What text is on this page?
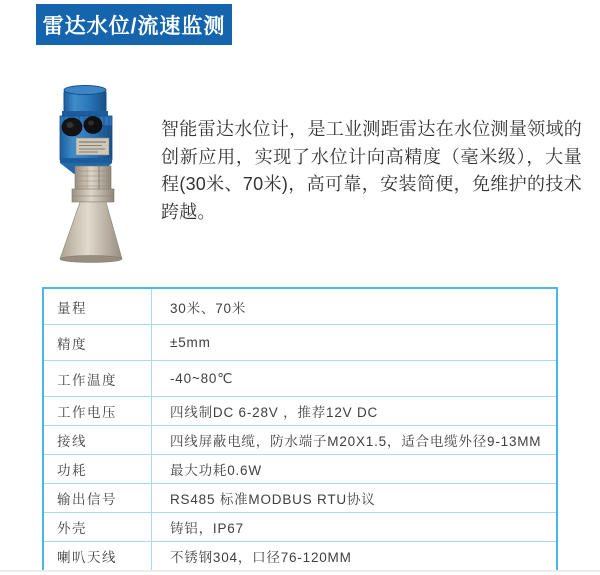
雷达水位/流速监测

智能雷达水位计，是工业测距雷达在水位测量领域的创新应用，实现了水位计向高精度（毫米级），大量程(30米、70米)，高可靠，安装简便，免维护的技术跨越。

量程	30米、70米
精度	±5mm
工作温度	-40~80℃
工作电压	四线制DC 6-28V ，推荐12V DC
接线	四线屏蔽电缆，防水端子M20X1.5，适合电缆外径9-13MM
功耗	最大功耗0.6W
输出信号	RS485 标准MODBUS RTU协议
外壳	铸铝，IP67
喇叭天线	不锈钢304，口径76-120MM
